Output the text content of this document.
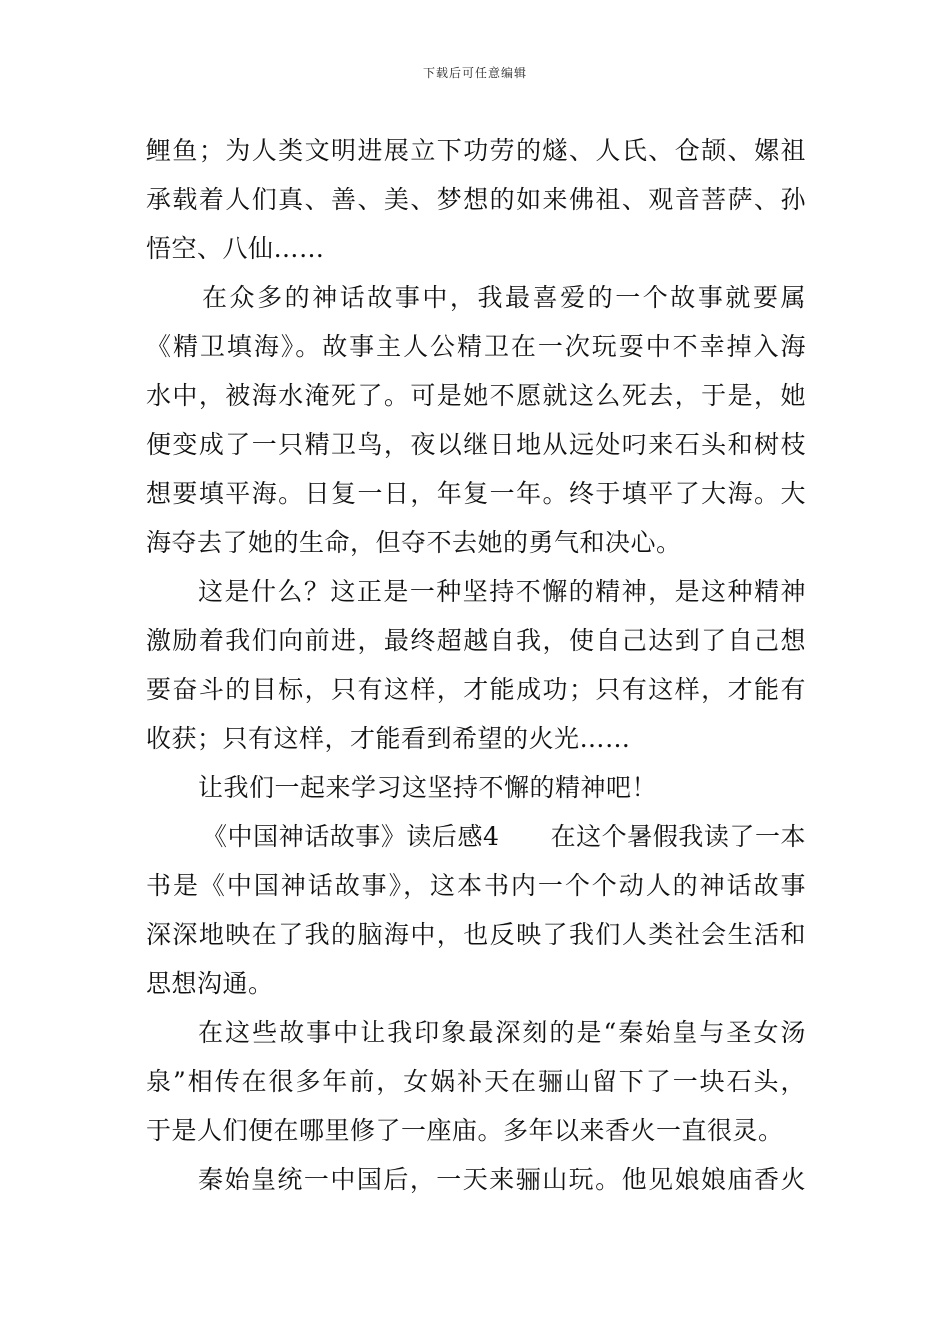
下载后可任意编辑
鲤鱼；为人类文明进展立下功劳的燧、人氏、仓颉、嫘祖
承载着人们真、善、美、梦想的如来佛祖、观音菩萨、孙
悟空、八仙……
在众多的神话故事中，我最喜爱的一个故事就要属
《精卫填海》。故事主人公精卫在一次玩耍中不幸掉入海
水中，被海水淹死了。可是她不愿就这么死去，于是，她
便变成了一只精卫鸟，夜以继日地从远处叼来石头和树枝
想要填平海。日复一日，年复一年。终于填平了大海。大
海夺去了她的生命，但夺不去她的勇气和决心。
这是什么？这正是一种坚持不懈的精神，是这种精神
激励着我们向前进，最终超越自我，使自己达到了自己想
要奋斗的目标，只有这样，才能成功；只有这样，才能有
收获；只有这样，才能看到希望的火光……
让我们一起来学习这坚持不懈的精神吧！
《中国神话故事》读后感4　　在这个暑假我读了一本
书是《中国神话故事》，这本书内一个个动人的神话故事
深深地映在了我的脑海中，也反映了我们人类社会生活和
思想沟通。
在这些故事中让我印象最深刻的是“秦始皇与圣女汤
泉”相传在很多年前，女娲补天在骊山留下了一块石头，
于是人们便在哪里修了一座庙。多年以来香火一直很灵。
秦始皇统一中国后，一天来骊山玩。他见娘娘庙香火
